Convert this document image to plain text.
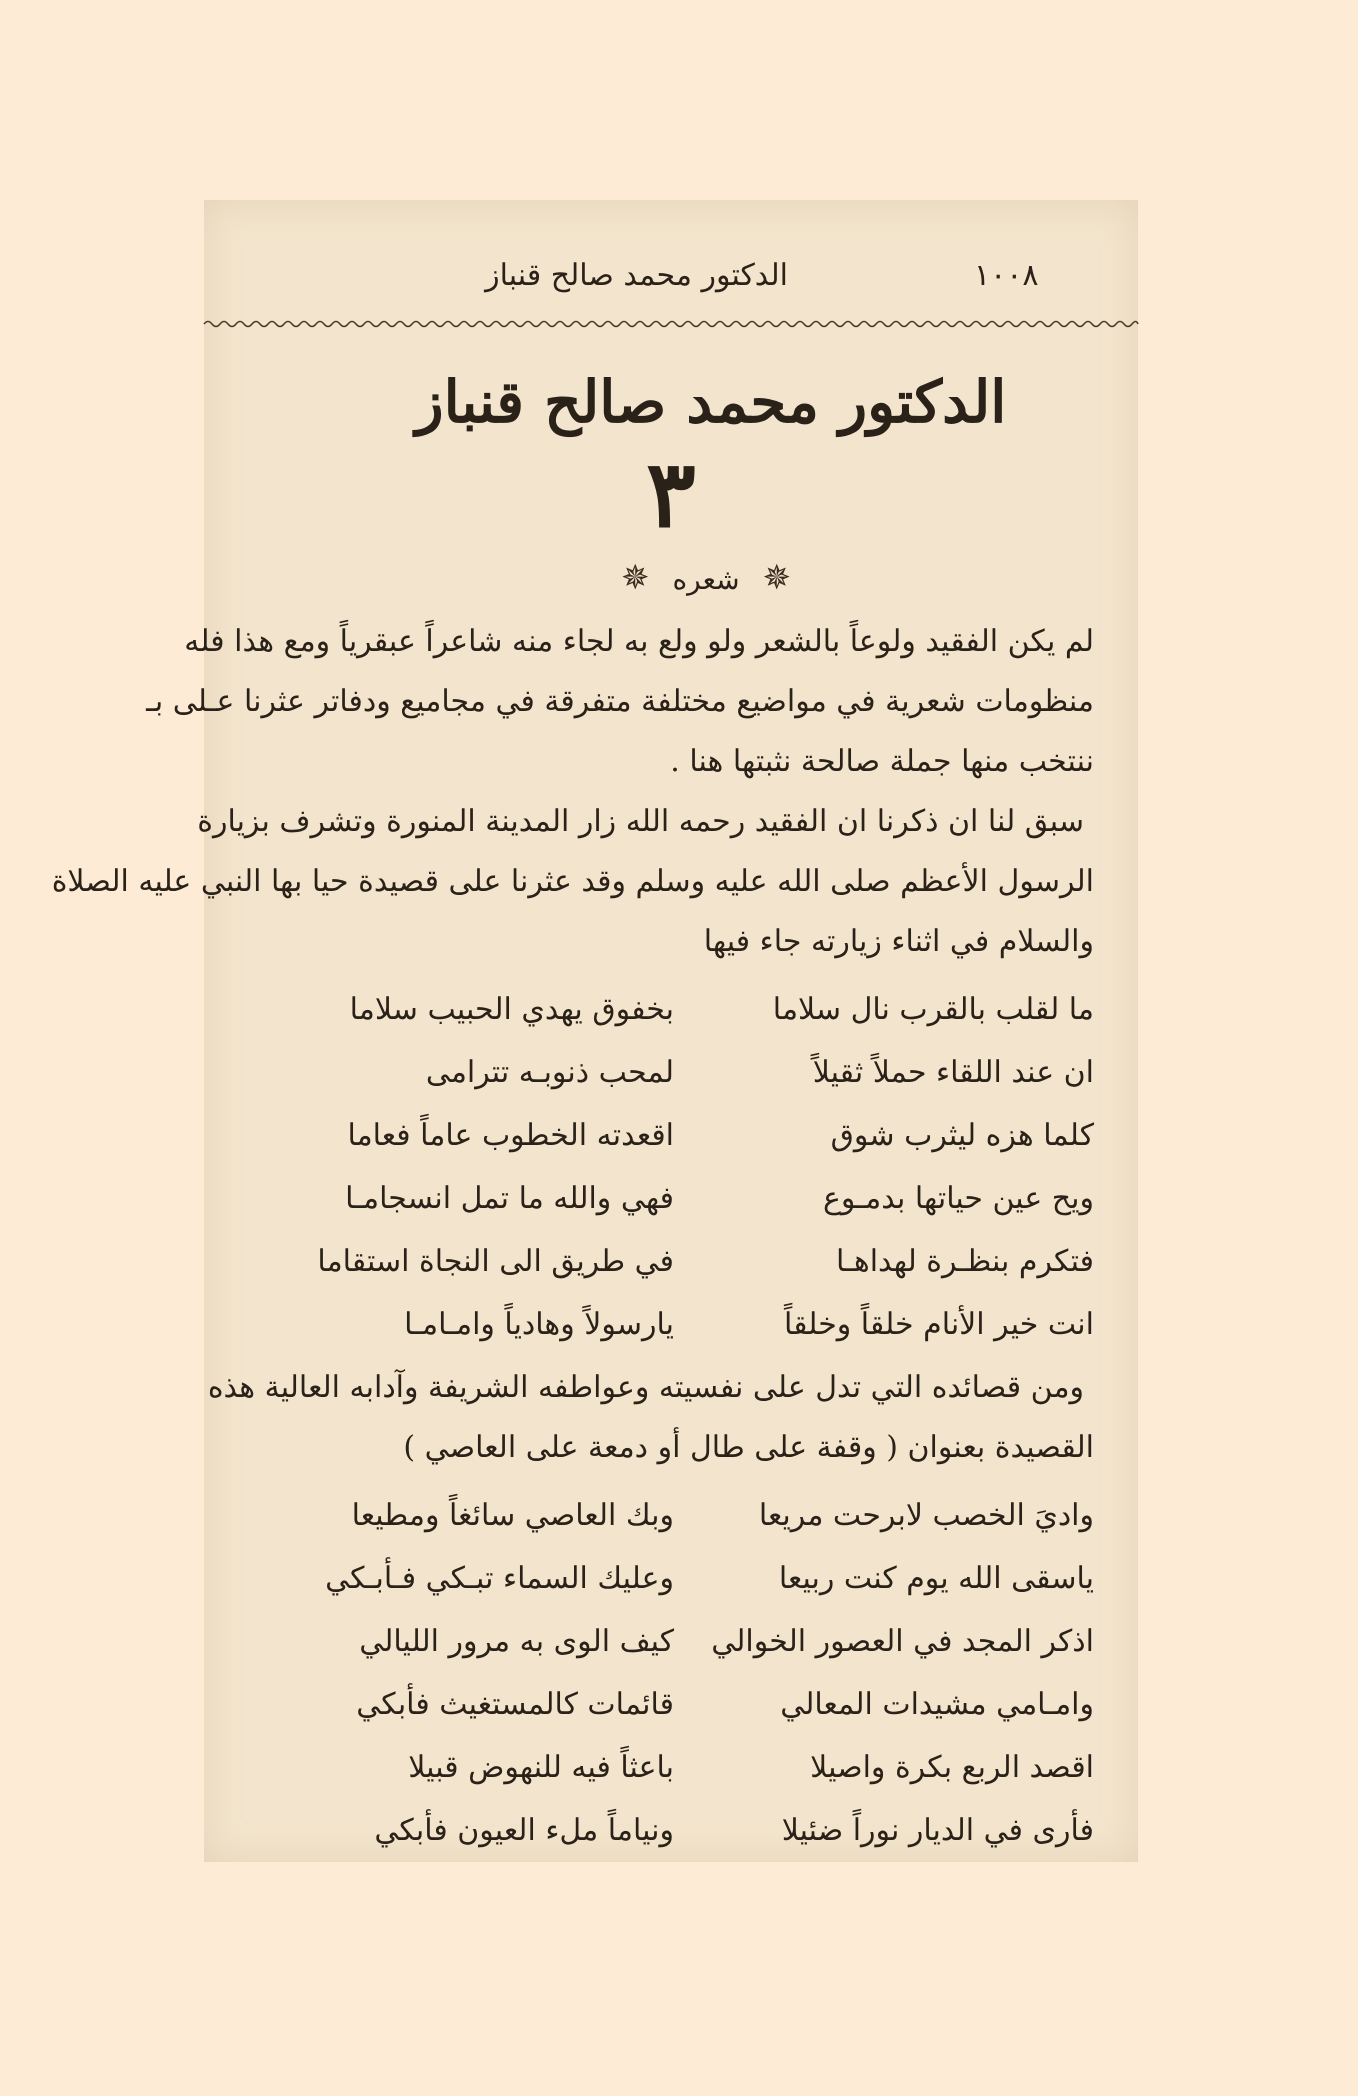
١٠٠٨
الدكتور محمد صالح قنباز
الدكتور محمد صالح قنباز
٣
✵ شعره ✵
لم يكن الفقيد ولوعاً بالشعر ولو ولع به لجاء منه شاعراً عبقرياً ومع هذا فله
منظومات شعرية في مواضيع مختلفة متفرقة في مجاميع ودفاتر عثرنا عـلى بـ
ننتخب منها جملة صالحة نثبتها هنا .
سبق لنا ان ذكرنا ان الفقيد رحمه الله زار المدينة المنورة وتشرف بزيارة
الرسول الأعظم صلى الله عليه وسلم وقد عثرنا على قصيدة حيا بها النبي عليه الصلاة
والسلام في اثناء زيارته جاء فيها
ما لقلب بالقرب نال سلاما
بخفوق يهدي الحبيب سلاما
ان عند اللقاء حملاً ثقيلاً
لمحب ذنوبـه تترامى
كلما هزه ليثرب شوق
اقعدته الخطوب عاماً فعاما
ويح عين حياتها بدمـوع
فهي والله ما تمل انسجامـا
فتكرم بنظـرة لهداهـا
في طريق الى النجاة استقاما
انت خير الأنام خلقاً وخلقاً
يارسولاً وهادياً وامـامـا
ومن قصائده التي تدل على نفسيته وعواطفه الشريفة وآدابه العالية هذه
القصيدة بعنوان ( وقفة على طال أو دمعة على العاصي )
واديَ الخصب لابرحت مريعا
وبك العاصي سائغاً ومطيعا
ياسقى الله يوم كنت ربيعا
وعليك السماء تبـكي فـأبـكي
اذكر المجد في العصور الخوالي
كيف الوى به مرور الليالي
وامـامي مشيدات المعالي
قائمات كالمستغيث فأبكي
اقصد الربع بكرة واصيلا
باعثاً فيه للنهوض قبيلا
فأرى في الديار نوراً ضئيلا
ونياماً ملء العيون فأبكي
